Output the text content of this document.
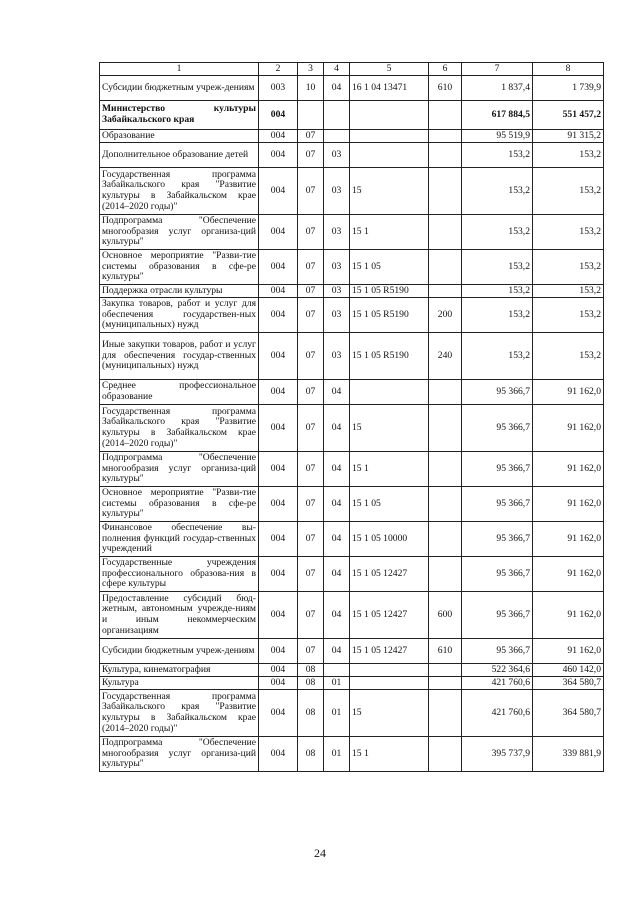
1	2	3	4	5	6	7	8
Субсидии бюджетным учреж-дениям	003	10	04	16 1 04 13471	610	1 837,4	1 739,9
Министерство культуры Забайкальского края	004					617 884,5	551 457,2
Образование	004	07				95 519,9	91 315,2
Дополнительное образование детей	004	07	03			153,2	153,2
Государственная программа Забайкальского края "Развитие культуры в Забайкальском крае (2014–2020 годы)"	004	07	03	15		153,2	153,2
Подпрограмма "Обеспечение многообразия услуг организа-ций культуры"	004	07	03	15 1		153,2	153,2
Основное мероприятие "Разви-тие системы образования в сфе-ре культуры"	004	07	03	15 1 05		153,2	153,2
Поддержка отрасли культуры	004	07	03	15 1 05 R5190		153,2	153,2
Закупка товаров, работ и услуг для обеспечения государствен-ных (муниципальных) нужд	004	07	03	15 1 05 R5190	200	153,2	153,2
Иные закупки товаров, работ и услуг для обеспечения государ-ственных (муниципальных) нужд	004	07	03	15 1 05 R5190	240	153,2	153,2
Среднее профессиональное образование	004	07	04			95 366,7	91 162,0
Государственная программа Забайкальского края "Развитие культуры в Забайкальском крае (2014–2020 годы)"	004	07	04	15		95 366,7	91 162,0
Подпрограмма "Обеспечение многообразия услуг организа-ций культуры"	004	07	04	15 1		95 366,7	91 162,0
Основное мероприятие "Разви-тие системы образования в сфе-ре культуры"	004	07	04	15 1 05		95 366,7	91 162,0
Финансовое обеспечение вы-полнения функций государ-ственных учреждений	004	07	04	15 1 05 10000		95 366,7	91 162,0
Государственные учреждения профессионального образова-ния в сфере культуры	004	07	04	15 1 05 12427		95 366,7	91 162,0
Предоставление субсидий бюд-жетным, автономным учрежде-ниям и иным некоммерческим организациям	004	07	04	15 1 05 12427	600	95 366,7	91 162,0
Субсидии бюджетным учреж-дениям	004	07	04	15 1 05 12427	610	95 366,7	91 162,0
Культура, кинематография	004	08				522 364,6	460 142,0
Культура	004	08	01			421 760,6	364 580,7
Государственная программа Забайкальского края "Развитие культуры в Забайкальском крае (2014–2020 годы)"	004	08	01	15		421 760,6	364 580,7
Подпрограмма "Обеспечение многообразия услуг организа-ций культуры"	004	08	01	15 1		395 737,9	339 881,9
24
